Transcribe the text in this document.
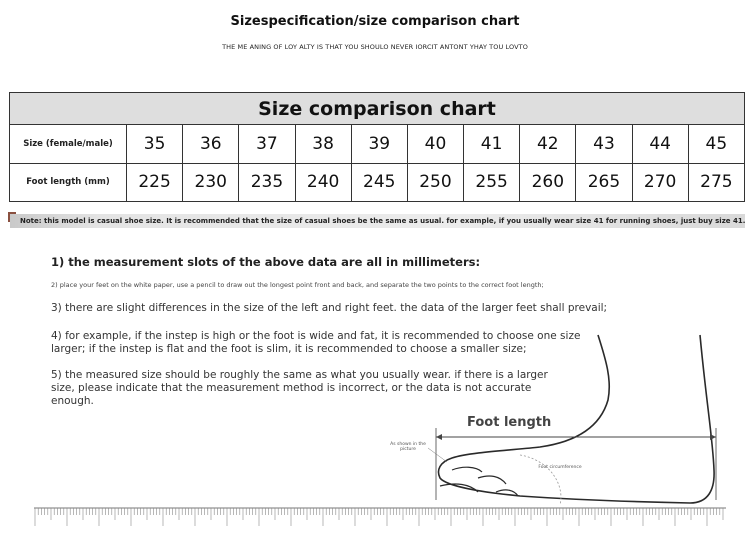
Sizespecification/size comparison chart
THE ME ANING OF LOY ALTY IS THAT YOU SHOULO NEVER IORCIT ANTONT YHAY TOU LOVTO
Size comparison chart											
Size (female/male)	35	36	37	38	39	40	41	42	43	44	45
Foot length (mm)	225	230	235	240	245	250	255	260	265	270	275
Note: this model is casual shoe size. It is recommended that the size of casual shoes be the same as usual. for example, if you usually wear size 41 for running shoes, just buy size 41.
1) the measurement slots of the above data are all in millimeters:
2) place your feet on the white paper, use a pencil to draw out the longest point front and back, and separate the two points to the correct foot length;
3) there are slight differences in the size of the left and right feet. the data of the larger feet shall prevail;
4) for example, if the instep is high or the foot is wide and fat, it is recommended to choose one size larger; if the instep is flat and the foot is slim, it is recommended to choose a smaller size;
5) the measured size should be roughly the same as what you usually wear. if there is a larger size, please indicate that the measurement method is incorrect, or the data is not accurate enough.
Foot length
As shown in the picture
Foot circumference
